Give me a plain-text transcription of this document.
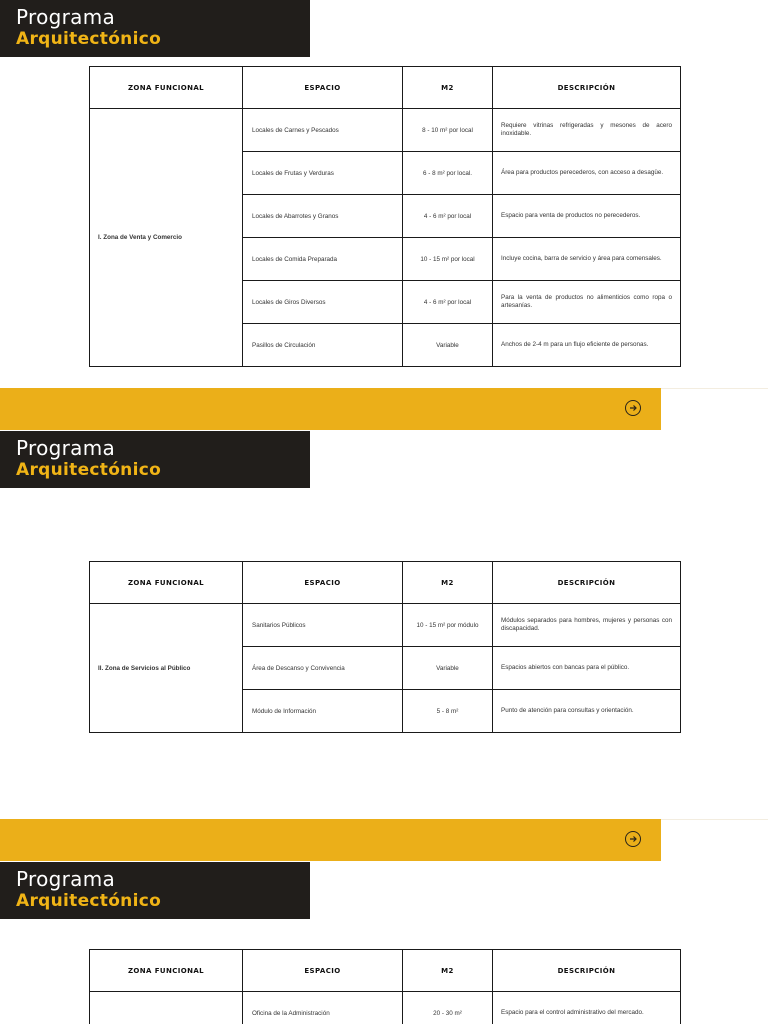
Programa
Arquitectónico
ZONA FUNCIONAL	ESPACIO	M2	DESCRIPCIÓN
I. Zona de Venta y Comercio	Locales de Carnes y Pescados	8 - 10 m² por local	Requiere vitrinas refrigeradas y mesones de acero inoxidable.
	Locales de Frutas y Verduras	6 - 8 m² por local.	Área para productos perecederos, con acceso a desagüe.
	Locales de Abarrotes y Granos	4 - 6 m² por local	Espacio para venta de productos no perecederos.
	Locales de Comida Preparada	10 - 15 m² por local	Incluye cocina, barra de servicio y área para comensales.
	Locales de Giros Diversos	4 - 6 m² por local	Para la venta de productos no alimenticios como ropa o artesanías.
	Pasillos de Circulación	Variable	Anchos de 2-4 m para un flujo eficiente de personas.
Programa
Arquitectónico
ZONA FUNCIONAL	ESPACIO	M2	DESCRIPCIÓN
II. Zona de Servicios al Público	Sanitarios Públicos	10 - 15 m² por módulo	Módulos separados para hombres, mujeres y personas con discapacidad.
	Área de Descanso y Convivencia	Variable	Espacios abiertos con bancas para el público.
	Módulo de Información	5 - 8 m²	Punto de atención para consultas y orientación.
Programa
Arquitectónico
ZONA FUNCIONAL	ESPACIO	M2	DESCRIPCIÓN
	Oficina de la Administración	20 - 30 m²	Espacio para el control administrativo del mercado.
